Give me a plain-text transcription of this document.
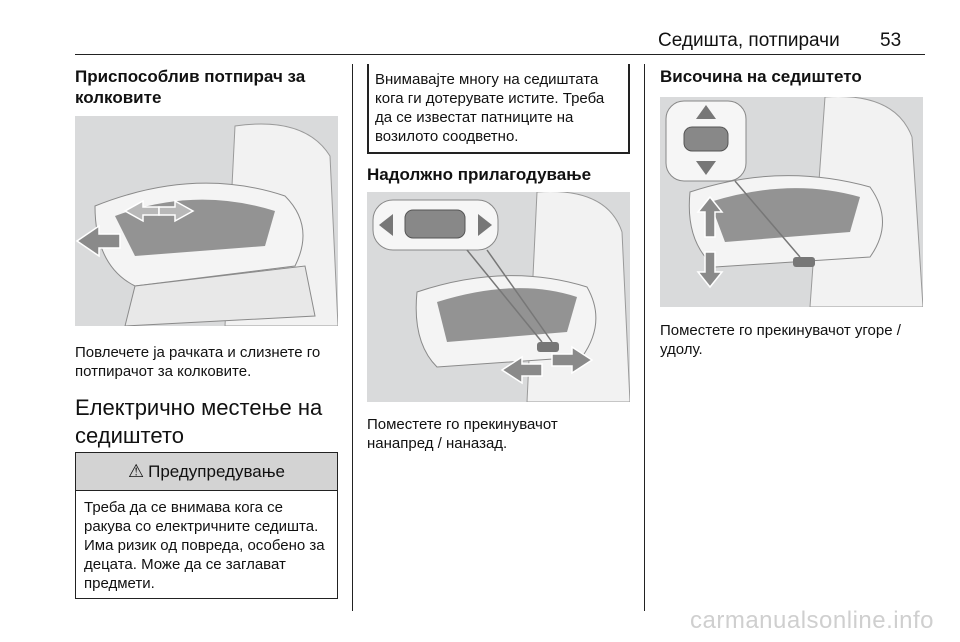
Седишта, потпирачи 53
Приспособлив потпирач за колковите
Повлечете ја рачката и слизнете го потпирачот за колковите.
Електрично местење на седиштето
⚠ Предупредување
Треба да се внимава кога се ракува со електричните седишта. Има ризик од повреда, особено за децата. Може да се заглават предмети.
Внимавајте многу на седиштата кога ги дотерувате истите. Треба да се известат патниците на возилото соодветно.
Надолжно прилагодување
Поместете го прекинувачот нанапред / наназад.
Височина на седиштето
Поместете го прекинувачот угоре / удолу.
carmanualsonline.info
